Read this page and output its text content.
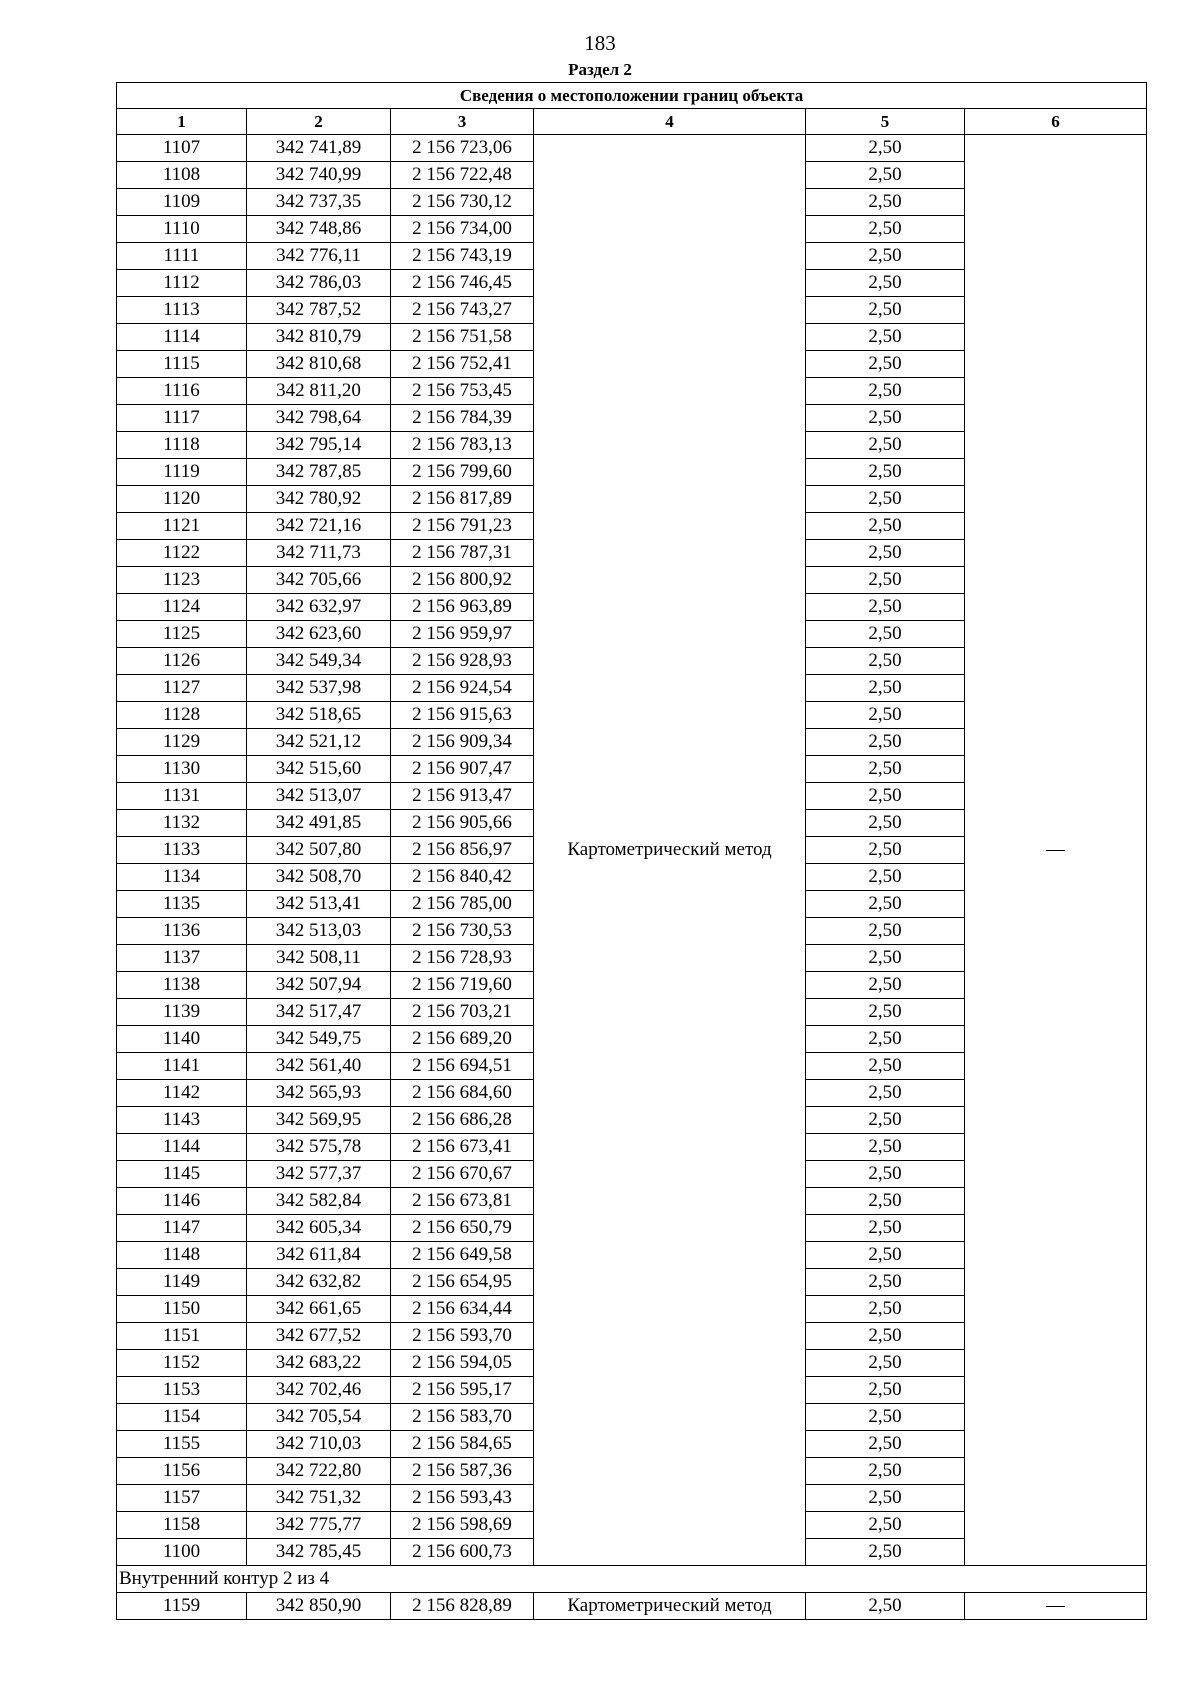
183
Раздел 2
Сведения о местоположении границ объекта					
1	2	3	4	5	6
1107	342 741,89	2 156 723,06	Картометрический метод	2,50	—
1108	342 740,99	2 156 722,48		2,50	
1109	342 737,35	2 156 730,12		2,50	
1110	342 748,86	2 156 734,00		2,50	
1111	342 776,11	2 156 743,19		2,50	
1112	342 786,03	2 156 746,45		2,50	
1113	342 787,52	2 156 743,27		2,50	
1114	342 810,79	2 156 751,58		2,50	
1115	342 810,68	2 156 752,41		2,50	
1116	342 811,20	2 156 753,45		2,50	
1117	342 798,64	2 156 784,39		2,50	
1118	342 795,14	2 156 783,13		2,50	
1119	342 787,85	2 156 799,60		2,50	
1120	342 780,92	2 156 817,89		2,50	
1121	342 721,16	2 156 791,23		2,50	
1122	342 711,73	2 156 787,31		2,50	
1123	342 705,66	2 156 800,92		2,50	
1124	342 632,97	2 156 963,89		2,50	
1125	342 623,60	2 156 959,97		2,50	
1126	342 549,34	2 156 928,93		2,50	
1127	342 537,98	2 156 924,54		2,50	
1128	342 518,65	2 156 915,63		2,50	
1129	342 521,12	2 156 909,34		2,50	
1130	342 515,60	2 156 907,47		2,50	
1131	342 513,07	2 156 913,47		2,50	
1132	342 491,85	2 156 905,66		2,50	
1133	342 507,80	2 156 856,97		2,50	
1134	342 508,70	2 156 840,42		2,50	
1135	342 513,41	2 156 785,00		2,50	
1136	342 513,03	2 156 730,53		2,50	
1137	342 508,11	2 156 728,93		2,50	
1138	342 507,94	2 156 719,60		2,50	
1139	342 517,47	2 156 703,21		2,50	
1140	342 549,75	2 156 689,20		2,50	
1141	342 561,40	2 156 694,51		2,50	
1142	342 565,93	2 156 684,60		2,50	
1143	342 569,95	2 156 686,28		2,50	
1144	342 575,78	2 156 673,41		2,50	
1145	342 577,37	2 156 670,67		2,50	
1146	342 582,84	2 156 673,81		2,50	
1147	342 605,34	2 156 650,79		2,50	
1148	342 611,84	2 156 649,58		2,50	
1149	342 632,82	2 156 654,95		2,50	
1150	342 661,65	2 156 634,44		2,50	
1151	342 677,52	2 156 593,70		2,50	
1152	342 683,22	2 156 594,05		2,50	
1153	342 702,46	2 156 595,17		2,50	
1154	342 705,54	2 156 583,70		2,50	
1155	342 710,03	2 156 584,65		2,50	
1156	342 722,80	2 156 587,36		2,50	
1157	342 751,32	2 156 593,43		2,50	
1158	342 775,77	2 156 598,69		2,50	
1100	342 785,45	2 156 600,73		2,50	
Внутренний контур 2 из 4					
1159	342 850,90	2 156 828,89	Картометрический метод	2,50	—
